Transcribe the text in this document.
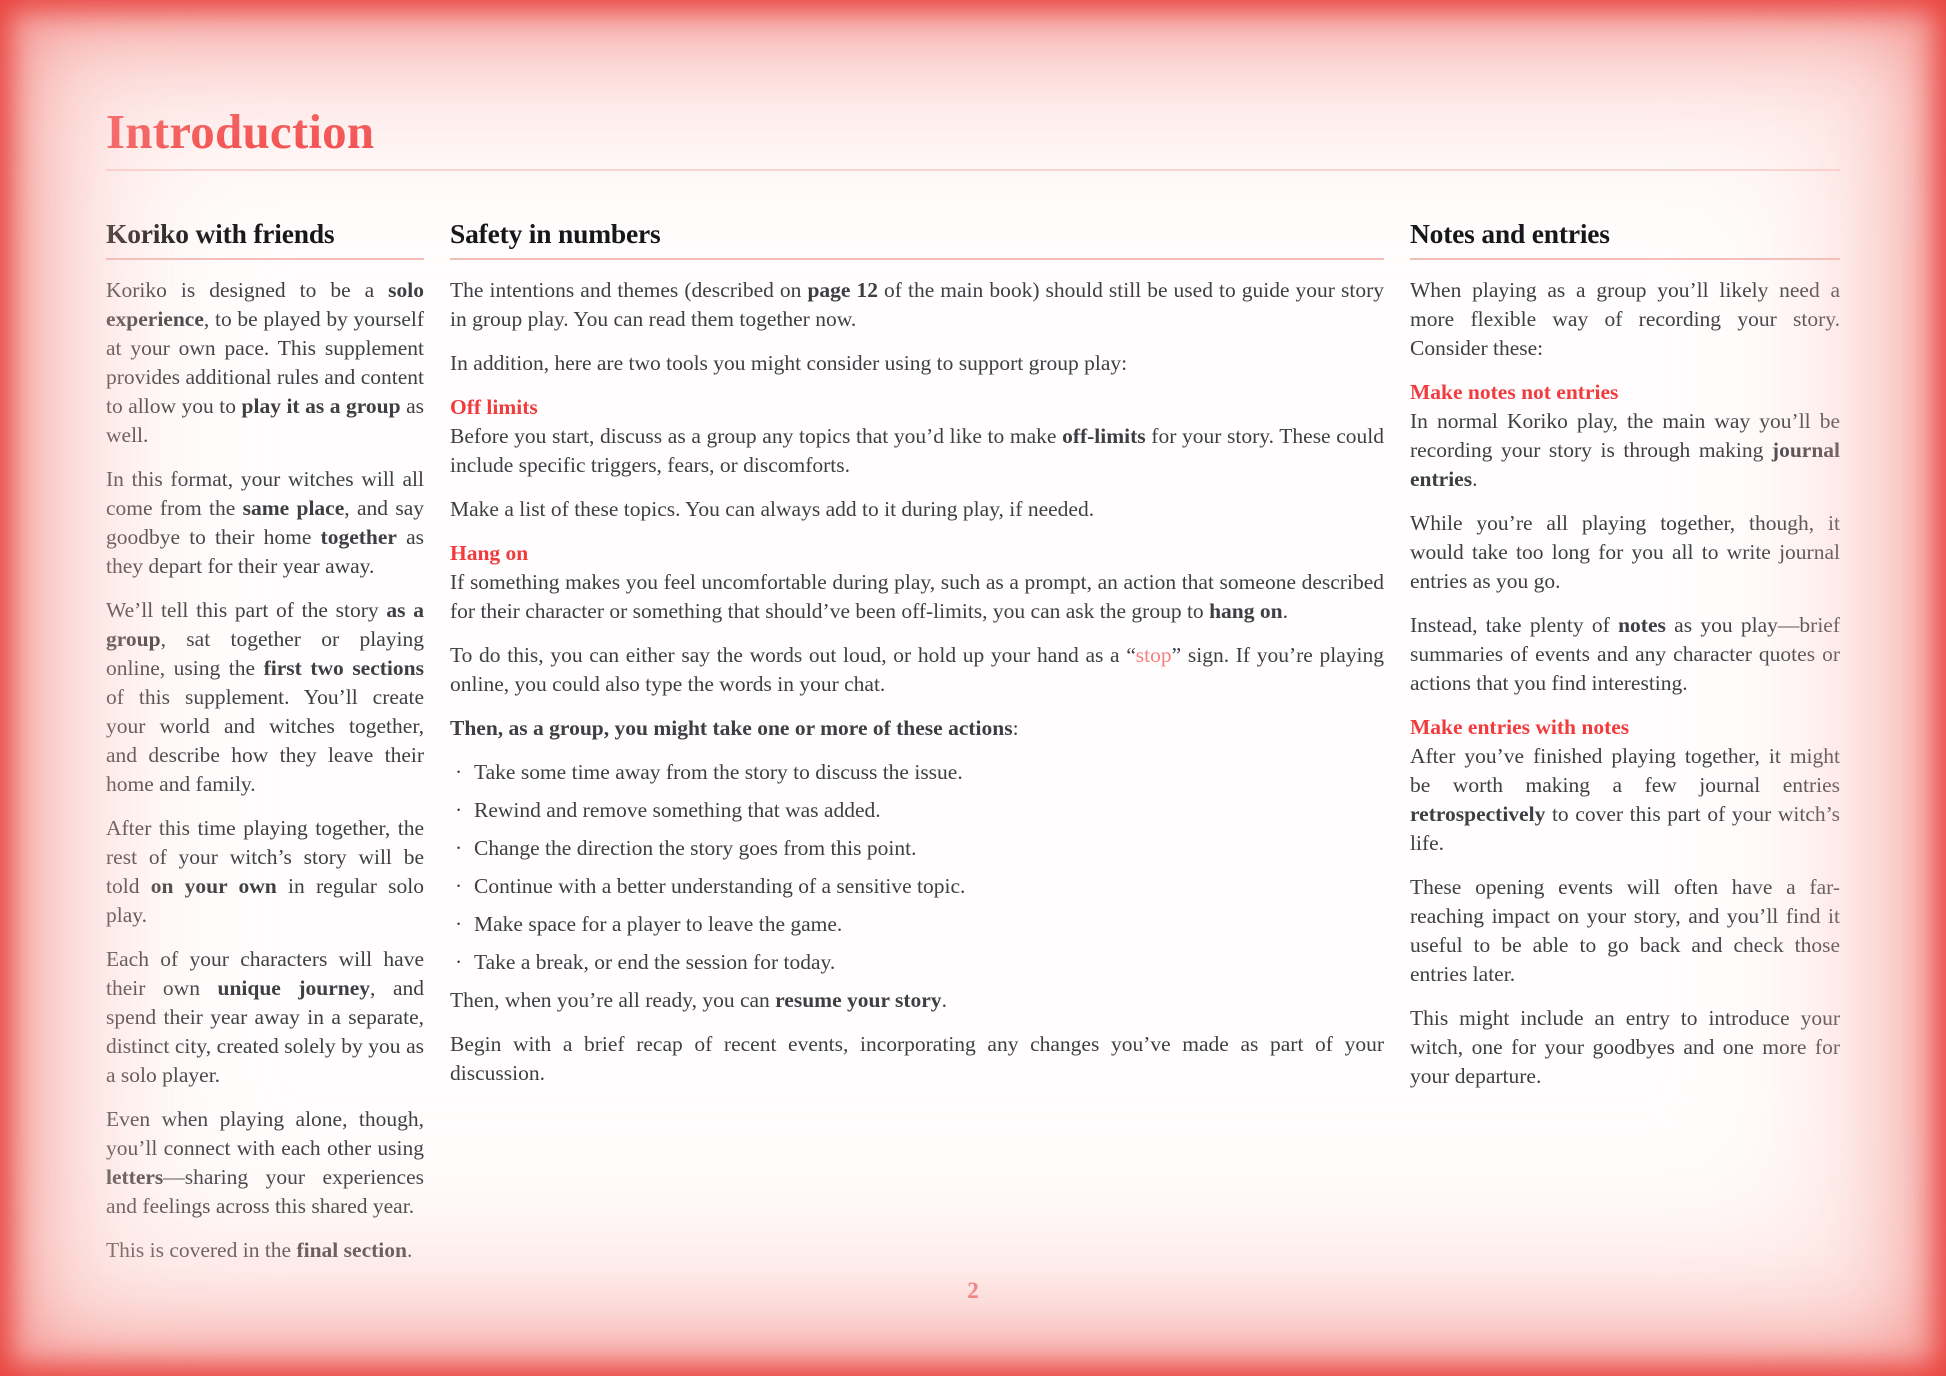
Introduction
Koriko with friends

Koriko is designed to be a solo experience, to be played by yourself at your own pace. This supplement provides additional rules and content to allow you to play it as a group as well.

In this format, your witches will all come from the same place, and say goodbye to their home together as they depart for their year away.

We’ll tell this part of the story as a group, sat together or playing online, using the first two sections of this supplement. You’ll create your world and witches together, and describe how they leave their home and family.

After this time playing together, the rest of your witch’s story will be told on your own in regular solo play.

Each of your characters will have their own unique journey, and spend their year away in a separate, distinct city, created solely by you as a solo player.

Even when playing alone, though, you’ll connect with each other using letters—sharing your experiences and feelings across this shared year.

This is covered in the final section.

Safety in numbers

The intentions and themes (described on page 12 of the main book) should still be used to guide your story in group play. You can read them together now.

In addition, here are two tools you might consider using to support group play:

Off limits

Before you start, discuss as a group any topics that you’d like to make off-limits for your story. These could include specific triggers, fears, or discomforts.

Make a list of these topics. You can always add to it during play, if needed.

Hang on

If something makes you feel uncomfortable during play, such as a prompt, an action that someone described for their character or something that should’ve been off-limits, you can ask the group to hang on.

To do this, you can either say the words out loud, or hold up your hand as a “stop” sign. If you’re playing online, you could also type the words in your chat.

Then, as a group, you might take one or more of these actions:

· Take some time away from the story to discuss the issue.
· Rewind and remove something that was added.
· Change the direction the story goes from this point.
· Continue with a better understanding of a sensitive topic.
· Make space for a player to leave the game.
· Take a break, or end the session for today.

Then, when you’re all ready, you can resume your story.

Begin with a brief recap of recent events, incorporating any changes you’ve made as part of your discussion.

Notes and entries

When playing as a group you’ll likely need a more flexible way of recording your story. Consider these:

Make notes not entries

In normal Koriko play, the main way you’ll be recording your story is through making journal entries.

While you’re all playing together, though, it would take too long for you all to write journal entries as you go.

Instead, take plenty of notes as you play—brief summaries of events and any character quotes or actions that you find interesting.

Make entries with notes

After you’ve finished playing together, it might be worth making a few journal entries retrospectively to cover this part of your witch’s life.

These opening events will often have a far-reaching impact on your story, and you’ll find it useful to be able to go back and check those entries later.

This might include an entry to introduce your witch, one for your goodbyes and one more for your departure.

2
